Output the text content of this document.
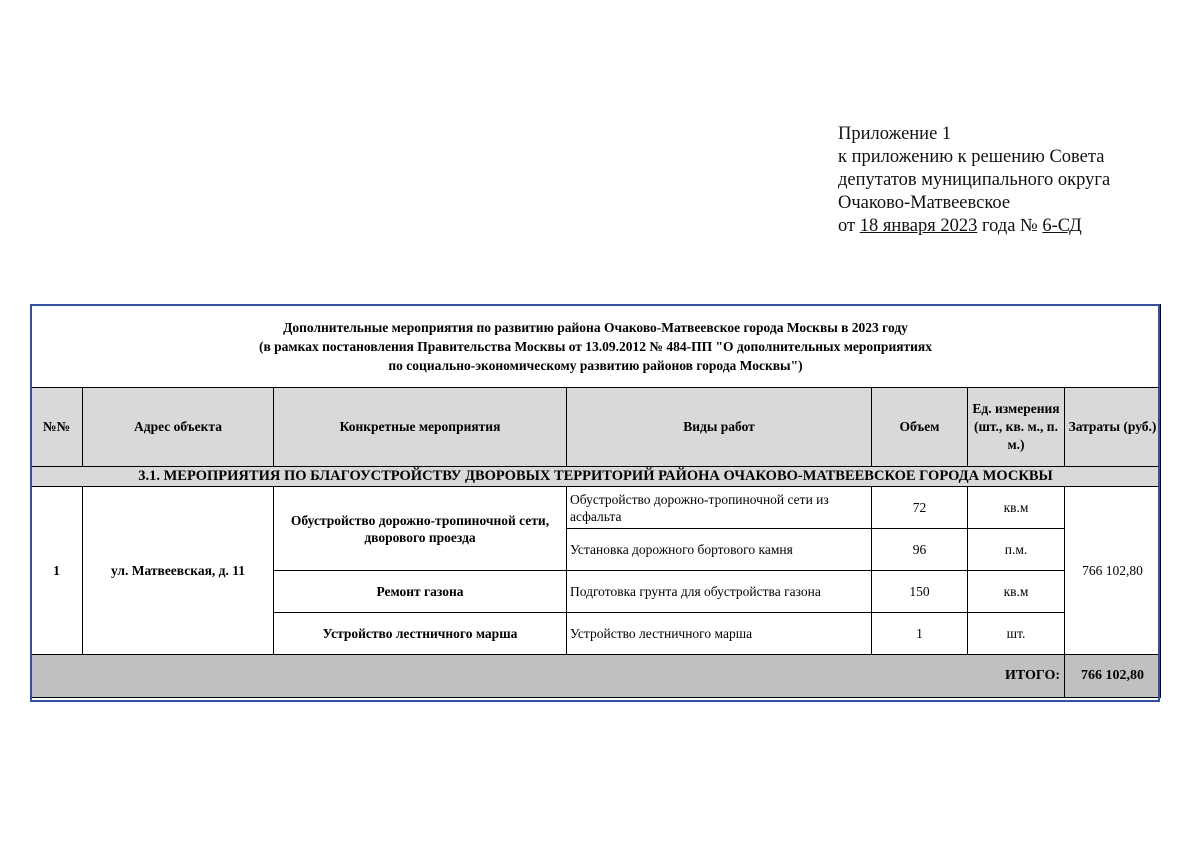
Приложение 1
к приложению к решению Совета
депутатов муниципального округа
Очаково-Матвеевское
от 18 января 2023 года № 6-СД
Дополнительные мероприятия по развитию района Очаково-Матвеевское города Москвы в 2023 году
(в рамках постановления Правительства Москвы от 13.09.2012 № 484-ПП "О дополнительных мероприятиях
по социально-экономическому развитию районов города Москвы")						

№№	Адрес объекта	Конкретные мероприятия	Виды работ	Объем	Ед. измерения (шт., кв. м., п. м.)	Затраты (руб.)
3.1. МЕРОПРИЯТИЯ ПО БЛАГОУСТРОЙСТВУ ДВОРОВЫХ ТЕРРИТОРИЙ РАЙОНА ОЧАКОВО-МАТВЕЕВСКОЕ ГОРОДА МОСКВЫ						
1	ул. Матвеевская, д. 11	Обустройство дорожно-тропиночной сети, дворового проезда	Обустройство дорожно-тропиночной сети из асфальта	72	кв.м	766 102,80
			Установка дорожного бортового камня	96	п.м.	
		Ремонт газона	Подготовка грунта для обустройства газона	150	кв.м	
		Устройство лестничного марша	Устройство лестничного марша	1	шт.	
ИТОГО:						766 102,80
